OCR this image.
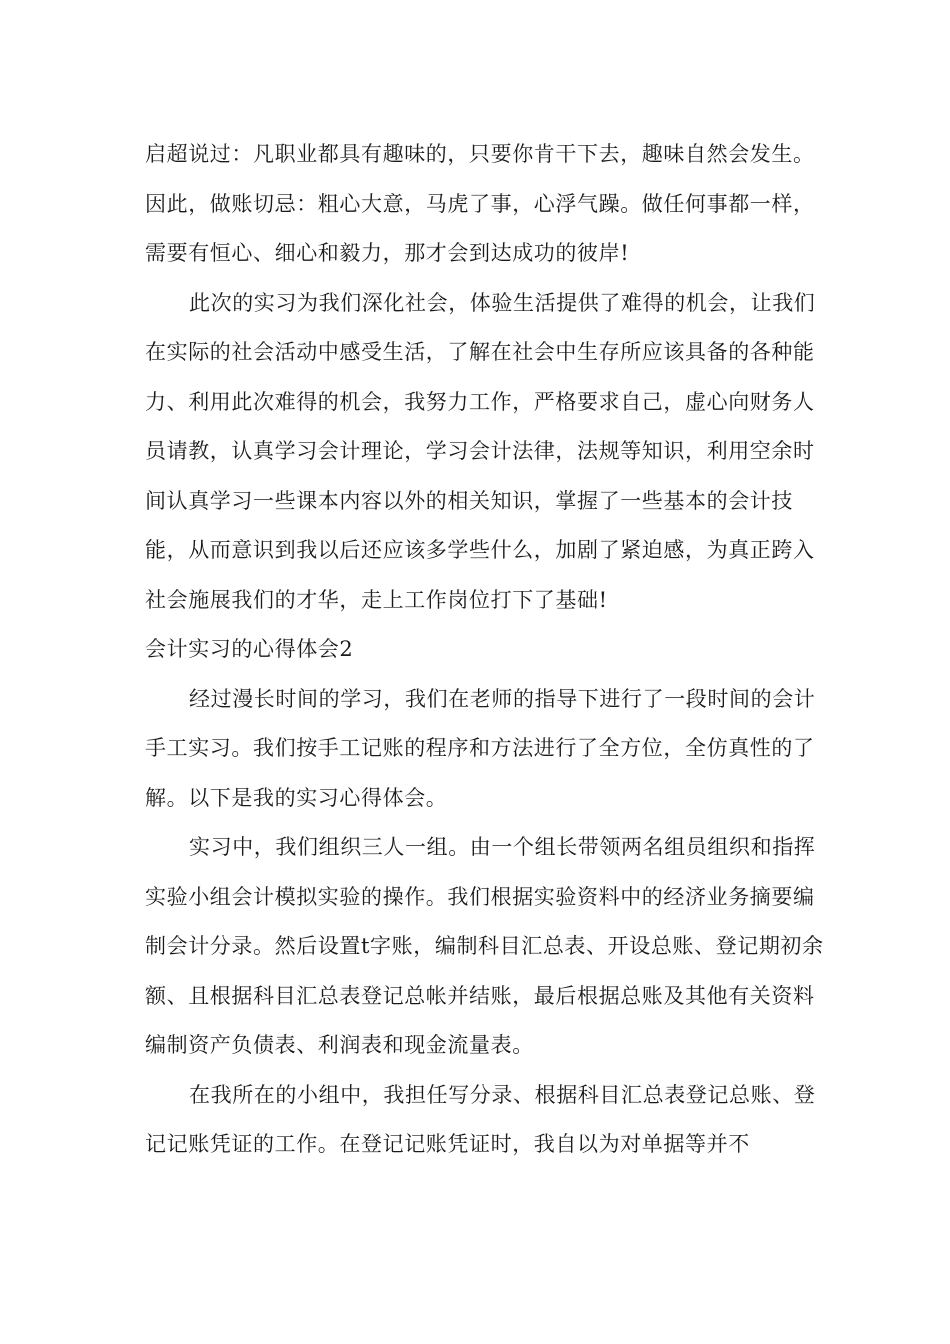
启超说过：凡职业都具有趣味的，只要你肯干下去，趣味自然会发生。因此，做账切忌：粗心大意，马虎了事，心浮气躁。做任何事都一样，需要有恒心、细心和毅力，那才会到达成功的彼岸!

此次的实习为我们深化社会，体验生活提供了难得的机会，让我们在实际的社会活动中感受生活，了解在社会中生存所应该具备的各种能力、利用此次难得的机会，我努力工作，严格要求自己，虚心向财务人员请教，认真学习会计理论，学习会计法律，法规等知识，利用空余时间认真学习一些课本内容以外的相关知识，掌握了一些基本的会计技能，从而意识到我以后还应该多学些什么，加剧了紧迫感，为真正跨入社会施展我们的才华，走上工作岗位打下了基础!

会计实习的心得体会2

经过漫长时间的学习，我们在老师的指导下进行了一段时间的会计手工实习。我们按手工记账的程序和方法进行了全方位，全仿真性的了解。以下是我的实习心得体会。

实习中，我们组织三人一组。由一个组长带领两名组员组织和指挥实验小组会计模拟实验的操作。我们根据实验资料中的经济业务摘要编制会计分录。然后设置t字账，编制科目汇总表、开设总账、登记期初余额、且根据科目汇总表登记总帐并结账，最后根据总账及其他有关资料编制资产负债表、利润表和现金流量表。

在我所在的小组中，我担任写分录、根据科目汇总表登记总账、登记记账凭证的工作。在登记记账凭证时，我自以为对单据等并不
